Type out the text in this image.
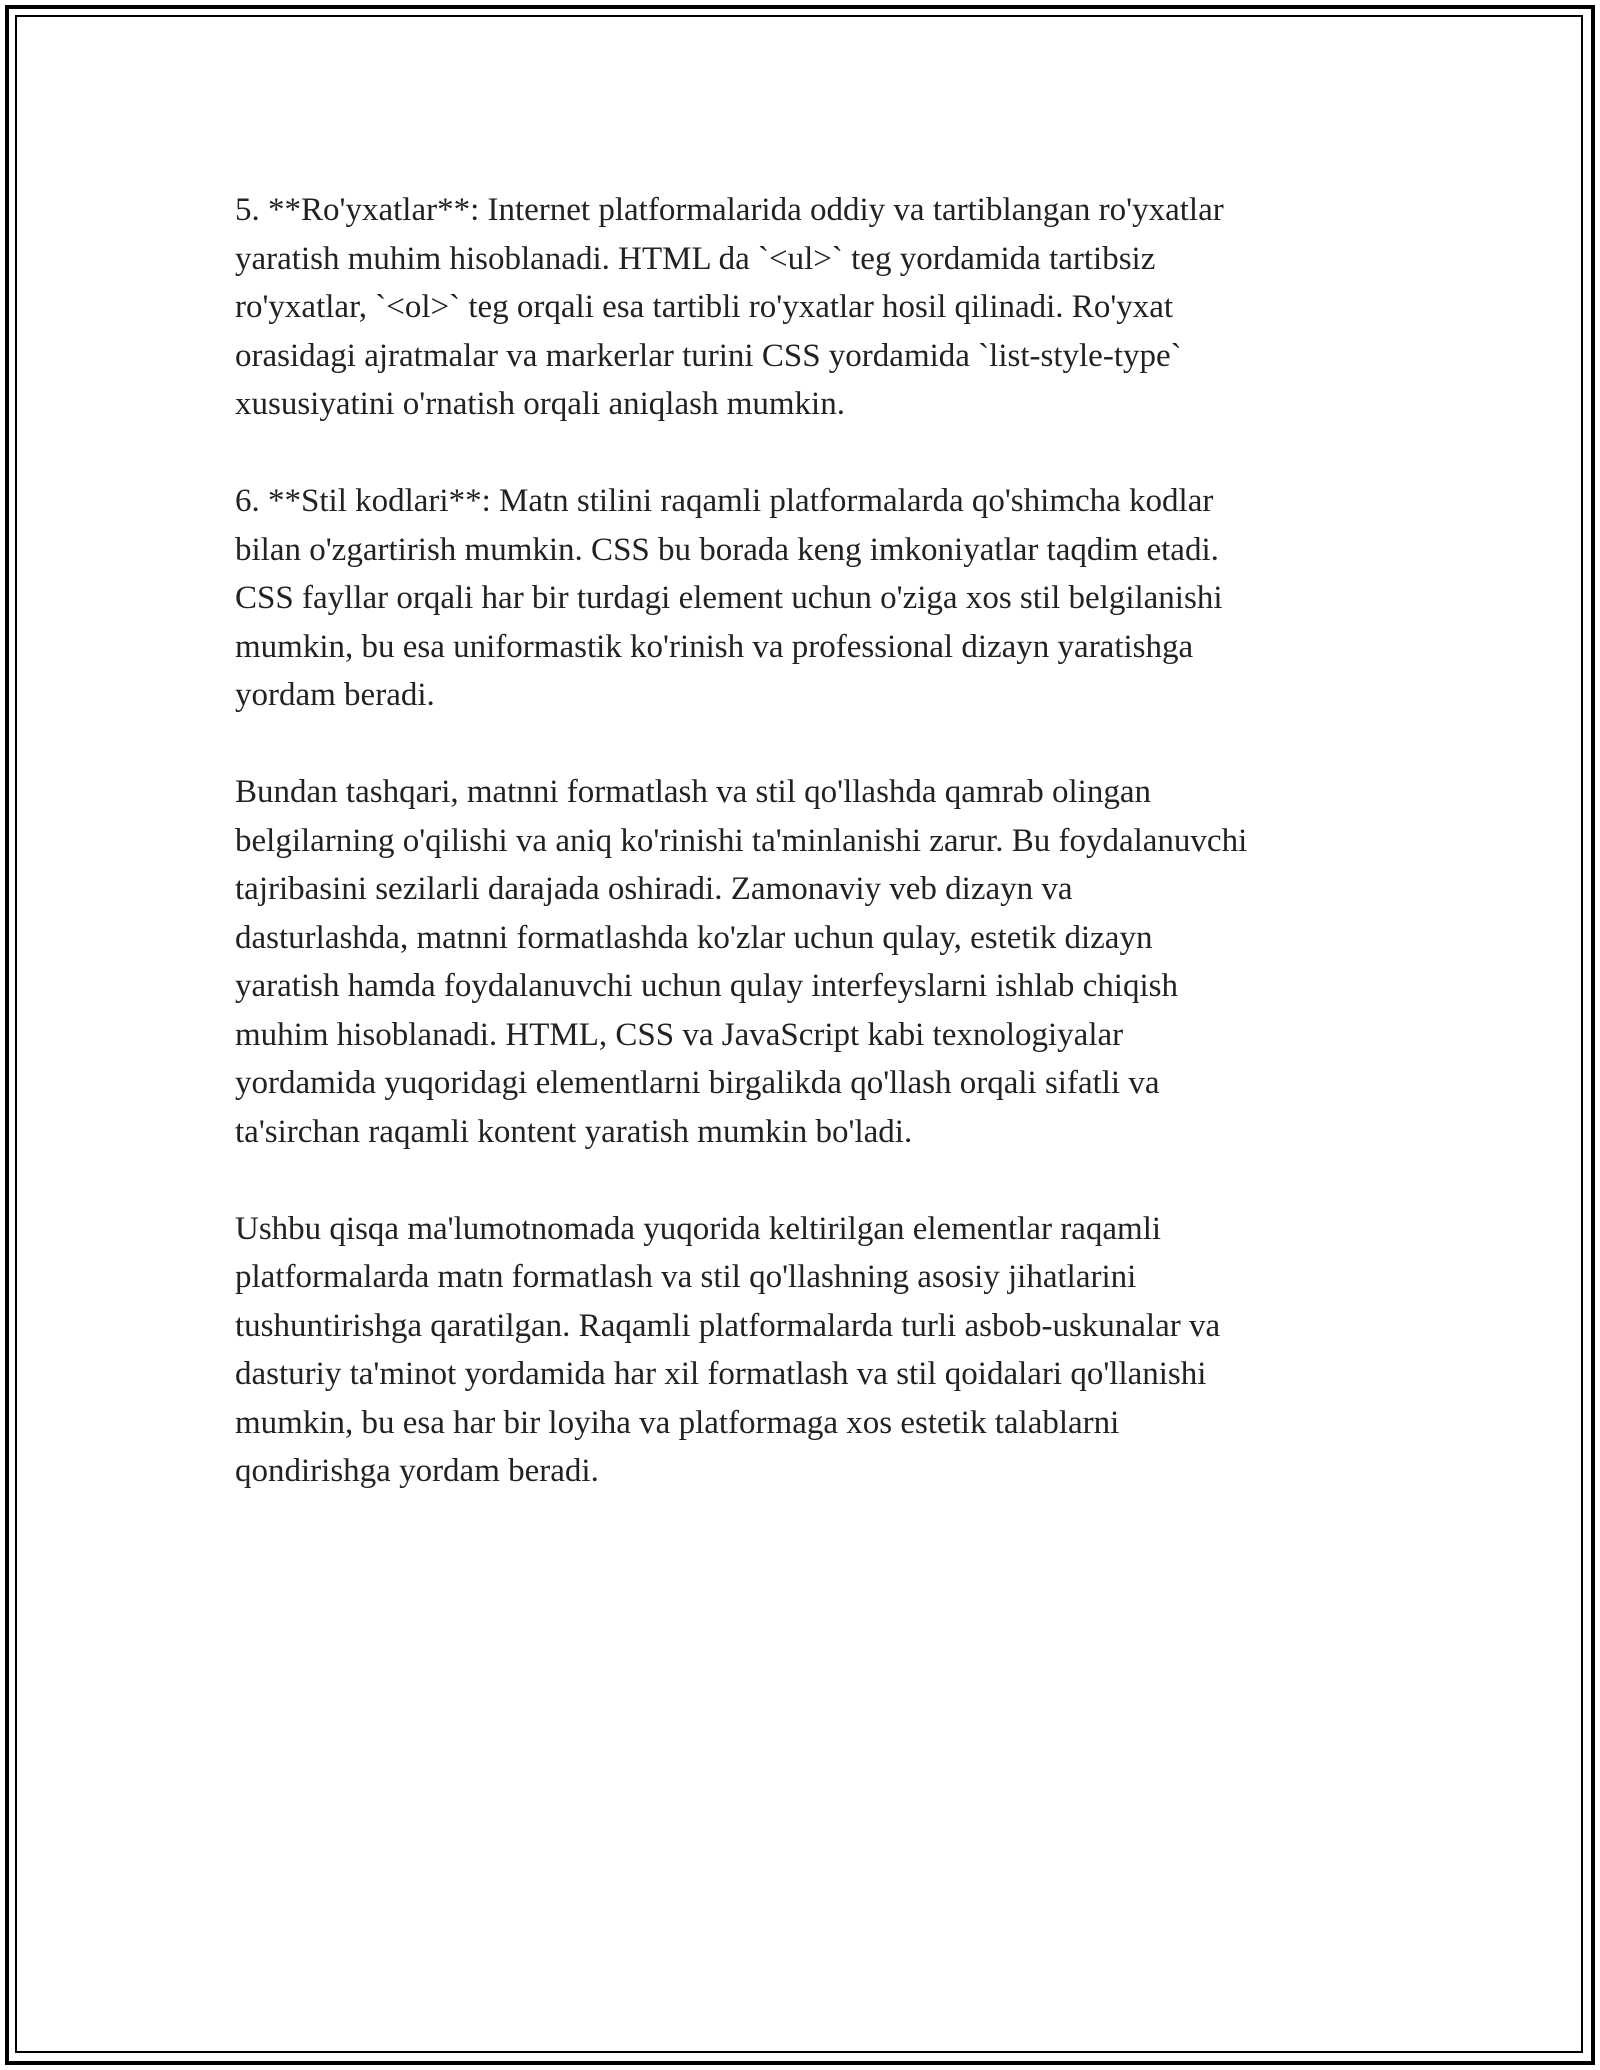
5. **Ro'yxatlar**: Internet platformalarida oddiy va tartiblangan ro'yxatlar
yaratish muhim hisoblanadi. HTML da `<ul>` teg yordamida tartibsiz
ro'yxatlar, `<ol>` teg orqali esa tartibli ro'yxatlar hosil qilinadi. Ro'yxat
orasidagi ajratmalar va markerlar turini CSS yordamida `list-style-type`
xususiyatini o'rnatish orqali aniqlash mumkin.

6. **Stil kodlari**: Matn stilini raqamli platformalarda qo'shimcha kodlar
bilan o'zgartirish mumkin. CSS bu borada keng imkoniyatlar taqdim etadi.
CSS fayllar orqali har bir turdagi element uchun o'ziga xos stil belgilanishi
mumkin, bu esa uniformastik ko'rinish va professional dizayn yaratishga
yordam beradi.

Bundan tashqari, matnni formatlash va stil qo'llashda qamrab olingan
belgilarning o'qilishi va aniq ko'rinishi ta'minlanishi zarur. Bu foydalanuvchi
tajribasini sezilarli darajada oshiradi. Zamonaviy veb dizayn va
dasturlashda, matnni formatlashda ko'zlar uchun qulay, estetik dizayn
yaratish hamda foydalanuvchi uchun qulay interfeyslarni ishlab chiqish
muhim hisoblanadi. HTML, CSS va JavaScript kabi texnologiyalar
yordamida yuqoridagi elementlarni birgalikda qo'llash orqali sifatli va
ta'sirchan raqamli kontent yaratish mumkin bo'ladi.

Ushbu qisqa ma'lumotnomada yuqorida keltirilgan elementlar raqamli
platformalarda matn formatlash va stil qo'llashning asosiy jihatlarini
tushuntirishga qaratilgan. Raqamli platformalarda turli asbob-uskunalar va
dasturiy ta'minot yordamida har xil formatlash va stil qoidalari qo'llanishi
mumkin, bu esa har bir loyiha va platformaga xos estetik talablarni
qondirishga yordam beradi.
